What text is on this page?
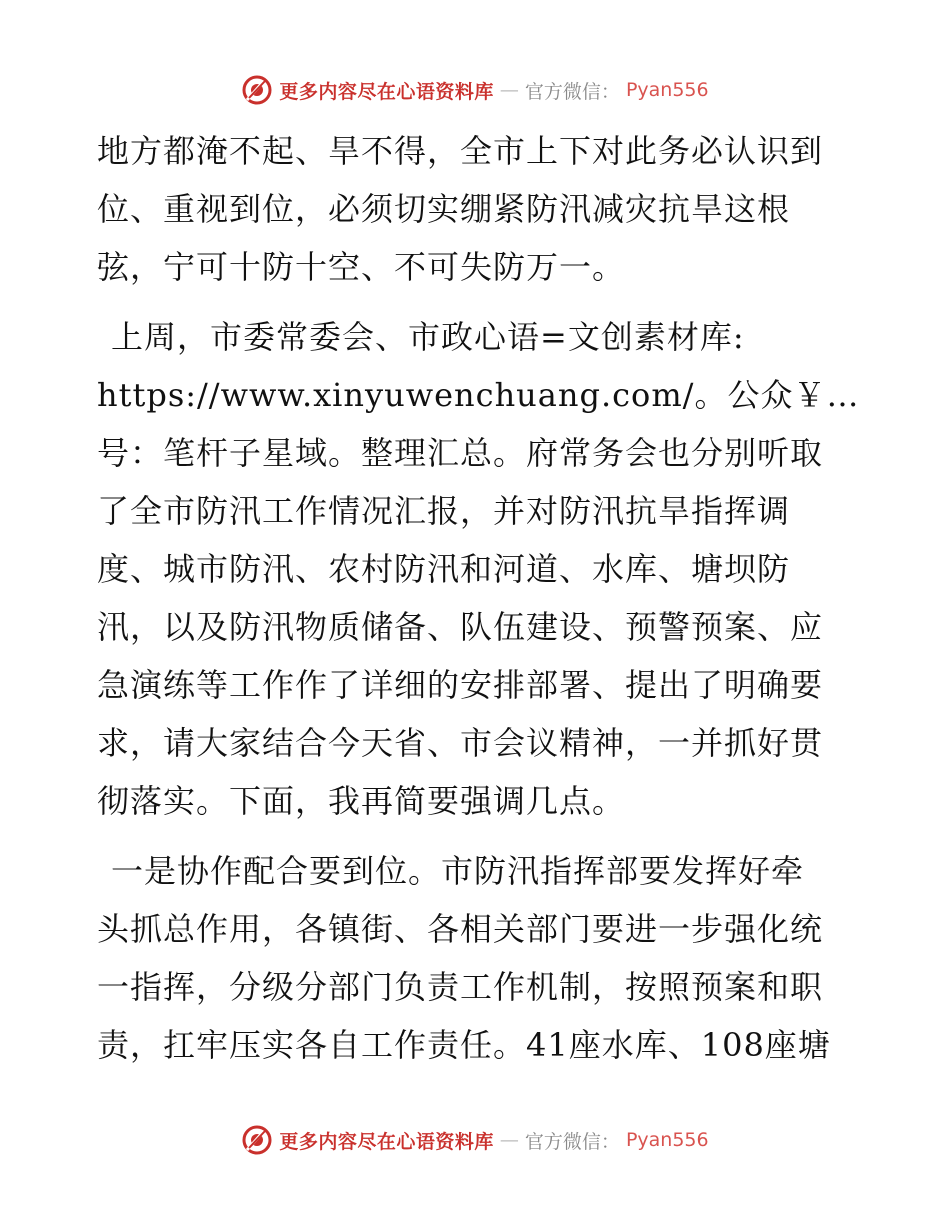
更多内容尽在心语资料库 — 官方微信： Pyan556
地方都淹不起、旱不得，全市上下对此务必认识到
位、重视到位，必须切实绷紧防汛减灾抗旱这根
弦，宁可十防十空、不可失防万一。
上周，市委常委会、市政心语=文创素材库:
https://www.xinyuwenchuang.com/。公众￥…
号：笔杆子星域。整理汇总。府常务会也分别听取
了全市防汛工作情况汇报，并对防汛抗旱指挥调
度、城市防汛、农村防汛和河道、水库、塘坝防
汛，以及防汛物质储备、队伍建设、预警预案、应
急演练等工作作了详细的安排部署、提出了明确要
求，请大家结合今天省、市会议精神，一并抓好贯
彻落实。下面，我再简要强调几点。
一是协作配合要到位。市防汛指挥部要发挥好牵
头抓总作用，各镇街、各相关部门要进一步强化统
一指挥，分级分部门负责工作机制，按照预案和职
责，扛牢压实各自工作责任。41座水库、108座塘
更多内容尽在心语资料库 — 官方微信： Pyan556
